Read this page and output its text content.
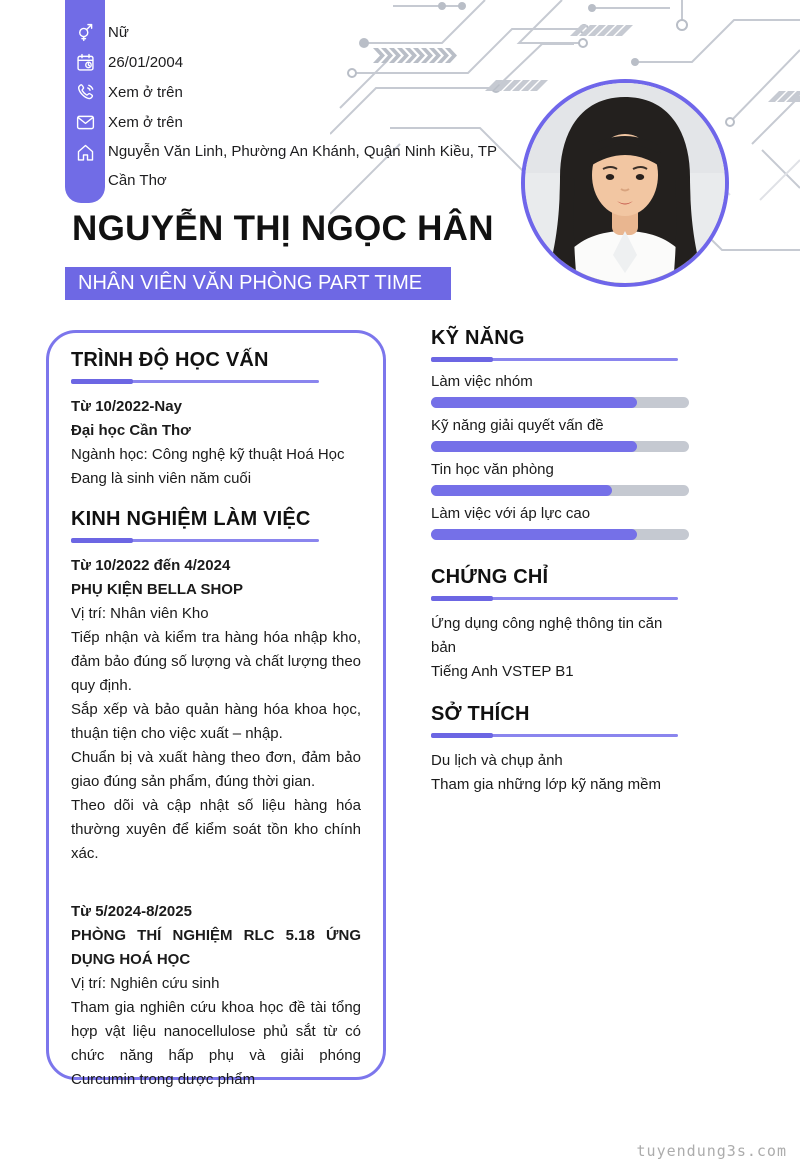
Nữ
26/01/2004
Xem ở trên
Xem ở trên
Nguyễn Văn Linh, Phường An Khánh, Quận Ninh Kiều, TP Cần Thơ
NGUYỄN THỊ NGỌC HÂN
NHÂN VIÊN VĂN PHÒNG PART TIME
TRÌNH ĐỘ HỌC VẤN

Từ 10/2022-Nay

Đại học Cần Thơ

Ngành học: Công nghệ kỹ thuật Hoá Học

Đang là sinh viên năm cuối

KINH NGHIỆM LÀM VIỆC

Từ 10/2022 đến 4/2024

PHỤ KIỆN BELLA SHOP

Vị trí: Nhân viên Kho

Tiếp nhận và kiểm tra hàng hóa nhập kho, đảm bảo đúng số lượng và chất lượng theo quy định.

Sắp xếp và bảo quản hàng hóa khoa học, thuận tiện cho việc xuất – nhập.

Chuẩn bị và xuất hàng theo đơn, đảm bảo giao đúng sản phẩm, đúng thời gian.

Theo dõi và cập nhật số liệu hàng hóa thường xuyên để kiểm soát tồn kho chính xác.

Từ 5/2024-8/2025

PHÒNG THÍ NGHIỆM RLC 5.18 ỨNG DỤNG HOÁ HỌC

Vị trí: Nghiên cứu sinh

Tham gia nghiên cứu khoa học đề tài tổng hợp vật liệu nanocellulose phủ sắt từ có chức năng hấp phụ và giải phóng Curcumin trong dược phẩm

KỸ NĂNG
Làm việc nhóm
Kỹ năng giải quyết vấn đề
Tin học văn phòng
Làm việc với áp lực cao
CHỨNG CHỈ

Ứng dụng công nghệ thông tin căn bản

Tiếng Anh VSTEP B1

SỞ THÍCH

Du lịch và chụp ảnh

Tham gia những lớp kỹ năng mềm

tuyendung3s.com
